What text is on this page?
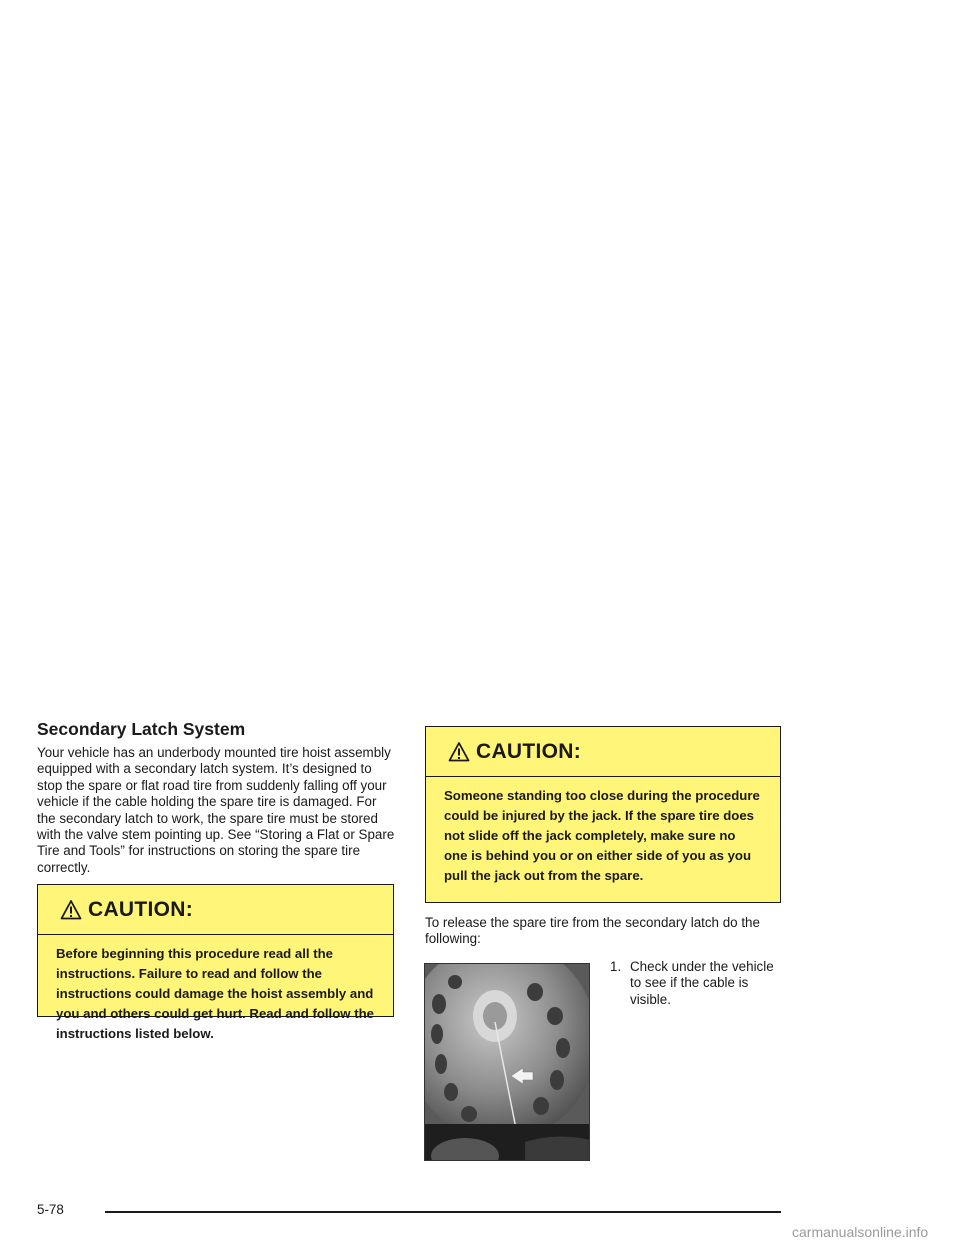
Secondary Latch System

Your vehicle has an underbody mounted tire hoist assembly equipped with a secondary latch system. It’s designed to stop the spare or flat road tire from suddenly falling off your vehicle if the cable holding the spare tire is damaged. For the secondary latch to work, the spare tire must be stored with the valve stem pointing up. See “Storing a Flat or Spare Tire and Tools” for instructions on storing the spare tire correctly.

CAUTION:
Before beginning this procedure read all the instructions. Failure to read and follow the instructions could damage the hoist assembly and you and others could get hurt. Read and follow the instructions listed below.
CAUTION:
Someone standing too close during the procedure could be injured by the jack. If the spare tire does not slide off the jack completely, make sure no one is behind you or on either side of you as you pull the jack out from the spare.

To release the spare tire from the secondary latch do the following:

1. Check under the vehicle to see if the cable is visible.
5-78
carmanualsonline.info
